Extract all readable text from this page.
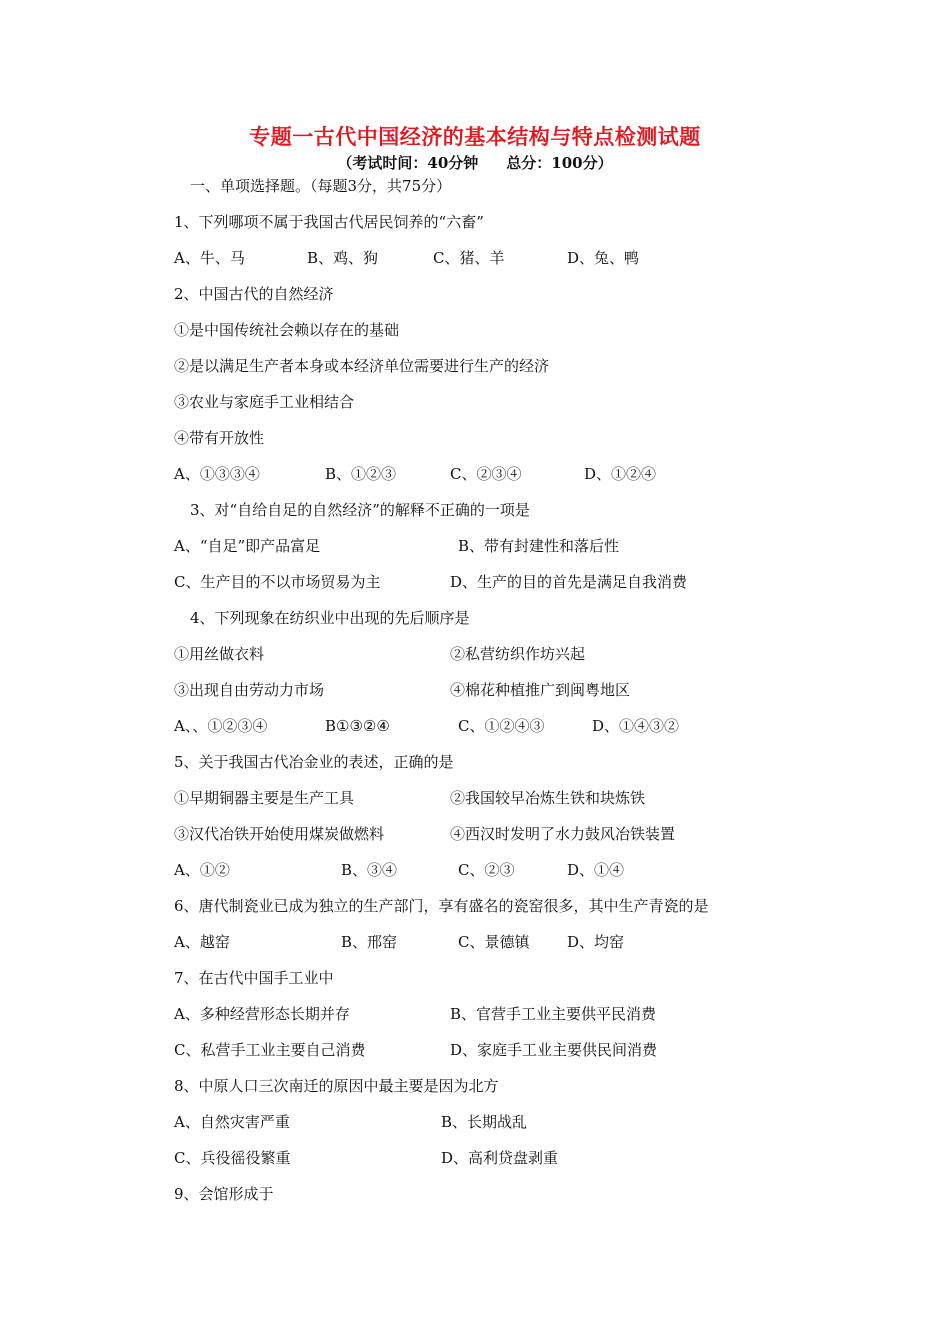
专题一古代中国经济的基本结构与特点检测试题
（考试时间：40分钟 总分：100分）
一、单项选择题。（每题3分，共75分）
1、下列哪项不属于我国古代居民饲养的“六畜”
A、牛、马	B、鸡、狗	C、猪、羊	D、兔、鸭
2、中国古代的自然经济
①是中国传统社会赖以存在的基础
②是以满足生产者本身或本经济单位需要进行生产的经济
③农业与家庭手工业相结合
④带有开放性
A、①③③④	B、①②③	C、②③④	D、①②④
3、对“自给自足的自然经济”的解释不正确的一项是
A、“自足”即产品富足	B、带有封建性和落后性
C、生产目的不以市场贸易为主	D、生产的目的首先是满足自我消费
4、下列现象在纺织业中出现的先后顺序是
①用丝做衣料	②私营纺织作坊兴起
③出现自由劳动力市场	④棉花种植推广到闽粤地区
A、、①②③④	B①③②④	C、①②④③	D、①④③②
5、关于我国古代冶金业的表述，正确的是
①早期铜器主要是生产工具	②我国较早冶炼生铁和块炼铁
③汉代冶铁开始使用煤炭做燃料	④西汉时发明了水力鼓风冶铁装置
A、①②	B、③④	C、②③	D、①④
6、唐代制瓷业已成为独立的生产部门，享有盛名的瓷窑很多，其中生产青瓷的是
A、越窑	B、邢窑	C、景德镇	D、均窑
7、在古代中国手工业中
A、多种经营形态长期并存	B、官营手工业主要供平民消费
C、私营手工业主要自己消费	D、家庭手工业主要供民间消费
8、中原人口三次南迁的原因中最主要是因为北方
A、自然灾害严重	B、长期战乱
C、兵役徭役繁重	D、高利贷盘剥重
9、会馆形成于
